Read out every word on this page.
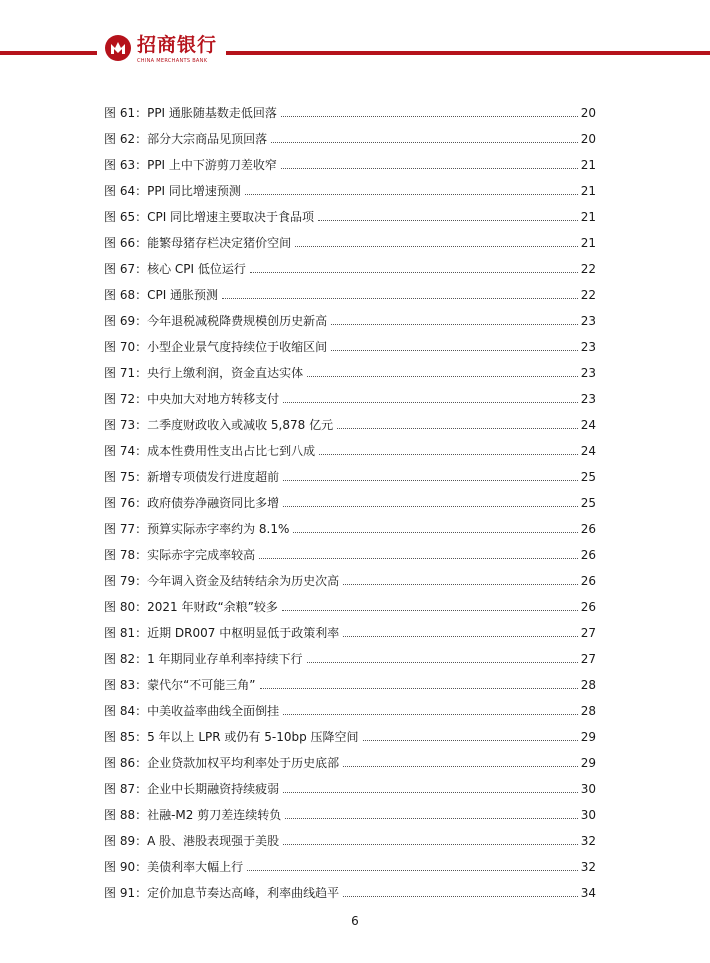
招商银行
CHINA MERCHANTS BANK
图 61：PPI 通胀随基数走低回落	20
图 62：部分大宗商品见顶回落	20
图 63：PPI 上中下游剪刀差收窄	21
图 64：PPI 同比增速预测	21
图 65：CPI 同比增速主要取决于食品项	21
图 66：能繁母猪存栏决定猪价空间	21
图 67：核心 CPI 低位运行	22
图 68：CPI 通胀预测	22
图 69：今年退税减税降费规模创历史新高	23
图 70：小型企业景气度持续位于收缩区间	23
图 71：央行上缴利润，资金直达实体	23
图 72：中央加大对地方转移支付	23
图 73：二季度财政收入或减收 5,878 亿元	24
图 74：成本性费用性支出占比七到八成	24
图 75：新增专项债发行进度超前	25
图 76：政府债券净融资同比多增	25
图 77：预算实际赤字率约为 8.1%	26
图 78：实际赤字完成率较高	26
图 79：今年调入资金及结转结余为历史次高	26
图 80：2021 年财政“余粮”较多	26
图 81：近期 DR007 中枢明显低于政策利率	27
图 82：1 年期同业存单利率持续下行	27
图 83：蒙代尔“不可能三角”	28
图 84：中美收益率曲线全面倒挂	28
图 85：5 年以上 LPR 或仍有 5-10bp 压降空间	29
图 86：企业贷款加权平均利率处于历史底部	29
图 87：企业中长期融资持续疲弱	30
图 88：社融-M2 剪刀差连续转负	30
图 89：A 股、港股表现强于美股	32
图 90：美债利率大幅上行	32
图 91：定价加息节奏达高峰，利率曲线趋平	34
6
